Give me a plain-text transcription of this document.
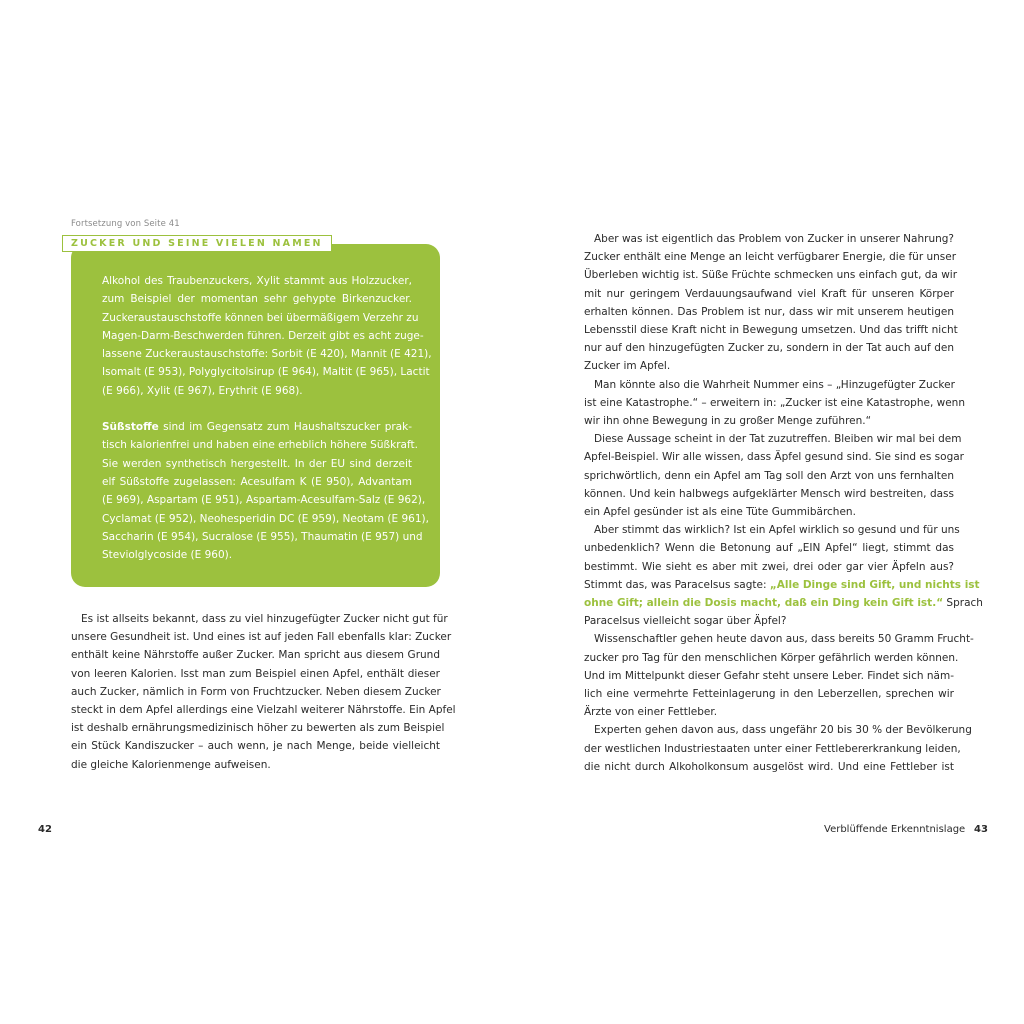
Fortsetzung von Seite 41
ZUCKER UND SEINE VIELEN NAMEN

Alkohol des Traubenzuckers, Xylit stammt aus Holzzucker,

zum Beispiel der momentan sehr gehypte Birkenzucker.

Zuckeraustauschstoffe können bei übermäßigem Verzehr zu

Magen-Darm-Beschwerden führen. Derzeit gibt es acht zuge-

lassene Zuckeraustauschstoffe: Sorbit (E 420), Mannit (E 421),

Isomalt (E 953), Polyglycitolsirup (E 964), Maltit (E 965), Lactit

(E 966), Xylit (E 967), Erythrit (E 968).

Süßstoffe sind im Gegensatz zum Haushaltszucker prak-

tisch kalorienfrei und haben eine erheblich höhere Süßkraft.

Sie werden synthetisch hergestellt. In der EU sind derzeit

elf Süßstoffe zugelassen: Acesulfam K (E 950), Advantam

(E 969), Aspartam (E 951), Aspartam-Acesulfam-Salz (E 962),

Cyclamat (E 952), Neohesperidin DC (E 959), Neotam (E 961),

Saccharin (E 954), Sucralose (E 955), Thaumatin (E 957) und

Steviolglycoside (E 960).

Es ist allseits bekannt, dass zu viel hinzugefügter Zucker nicht gut für
unsere Gesundheit ist. Und eines ist auf jeden Fall ebenfalls klar: Zucker
enthält keine Nährstoffe außer Zucker. Man spricht aus diesem Grund
von leeren Kalorien. Isst man zum Beispiel einen Apfel, enthält dieser
auch Zucker, nämlich in Form von Fruchtzucker. Neben diesem Zucker
steckt in dem Apfel allerdings eine Vielzahl weiterer Nährstoffe. Ein Apfel
ist deshalb ernährungsmedizinisch höher zu bewerten als zum Beispiel
ein Stück Kandiszucker – auch wenn, je nach Menge, beide vielleicht
die gleiche Kalorienmenge aufweisen.
42
Aber was ist eigentlich das Problem von Zucker in unserer Nahrung?
Zucker enthält eine Menge an leicht verfügbarer Energie, die für unser
Überleben wichtig ist. Süße Früchte schmecken uns einfach gut, da wir
mit nur geringem Verdauungsaufwand viel Kraft für unseren Körper
erhalten können. Das Problem ist nur, dass wir mit unserem heutigen
Lebensstil diese Kraft nicht in Bewegung umsetzen. Und das trifft nicht
nur auf den hinzugefügten Zucker zu, sondern in der Tat auch auf den
Zucker im Apfel.
Man könnte also die Wahrheit Nummer eins – „Hinzugefügter Zucker
ist eine Katastrophe.“ – erweitern in: „Zucker ist eine Katastrophe, wenn
wir ihn ohne Bewegung in zu großer Menge zuführen.“
Diese Aussage scheint in der Tat zuzutreffen. Bleiben wir mal bei dem
Apfel-Beispiel. Wir alle wissen, dass Äpfel gesund sind. Sie sind es sogar
sprichwörtlich, denn ein Apfel am Tag soll den Arzt von uns fernhalten
können. Und kein halbwegs aufgeklärter Mensch wird bestreiten, dass
ein Apfel gesünder ist als eine Tüte Gummibärchen.
Aber stimmt das wirklich? Ist ein Apfel wirklich so gesund und für uns
unbedenklich? Wenn die Betonung auf „EIN Apfel“ liegt, stimmt das
bestimmt. Wie sieht es aber mit zwei, drei oder gar vier Äpfeln aus?
Stimmt das, was Paracelsus sagte: „Alle Dinge sind Gift, und nichts ist
ohne Gift; allein die Dosis macht, daß ein Ding kein Gift ist.“ Sprach
Paracelsus vielleicht sogar über Äpfel?
Wissenschaftler gehen heute davon aus, dass bereits 50 Gramm Frucht-
zucker pro Tag für den menschlichen Körper gefährlich werden können.
Und im Mittelpunkt dieser Gefahr steht unsere Leber. Findet sich näm-
lich eine vermehrte Fetteinlagerung in den Leberzellen, sprechen wir
Ärzte von einer Fettleber.
Experten gehen davon aus, dass ungefähr 20 bis 30 % der Bevölkerung
der westlichen Industriestaaten unter einer Fettlebererkrankung leiden,
die nicht durch Alkoholkonsum ausgelöst wird. Und eine Fettleber ist
Verblüffende Erkenntnislage 43
